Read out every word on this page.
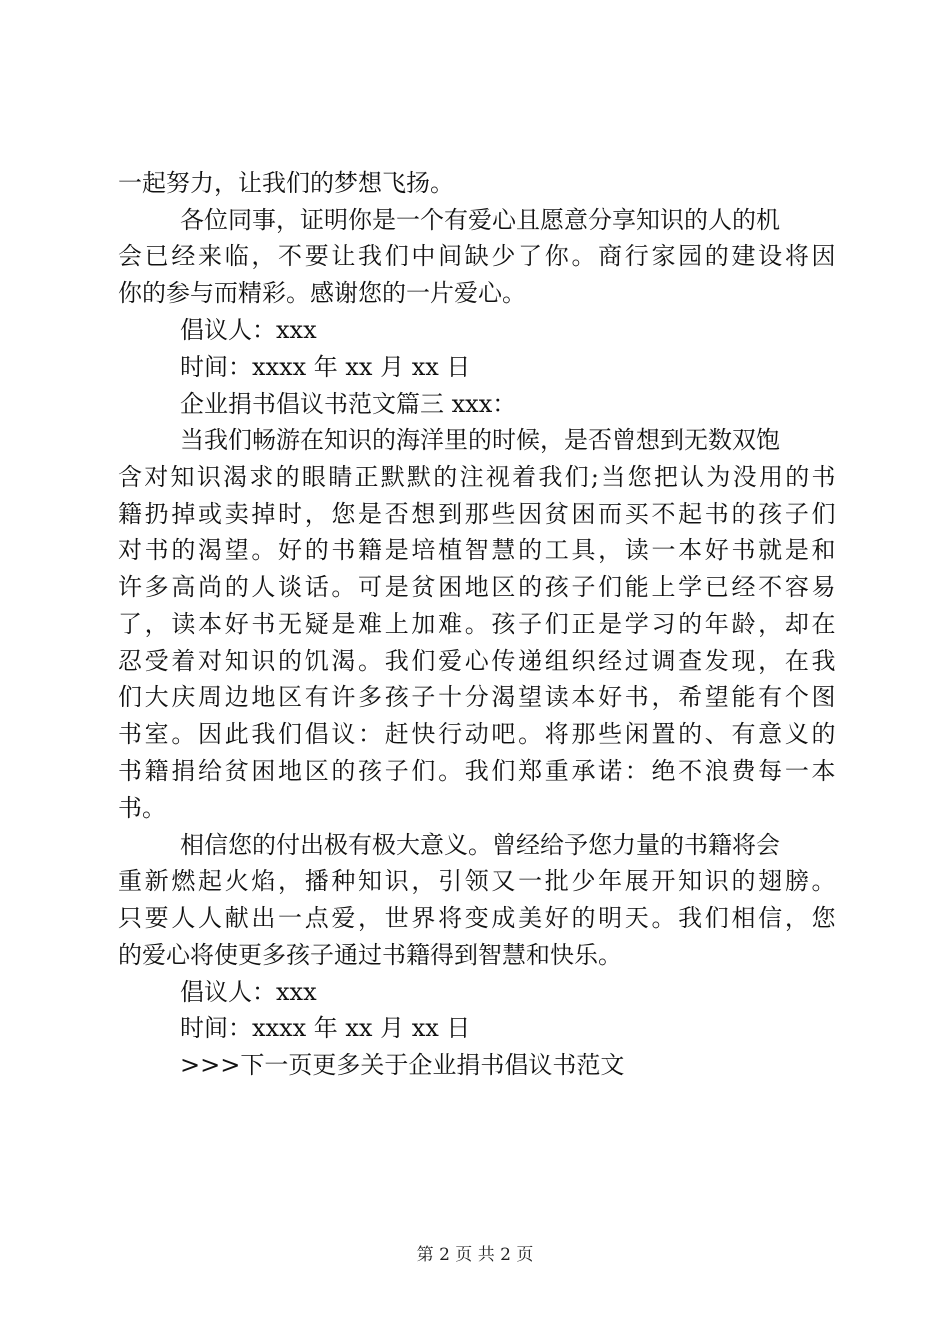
一起努力，让我们的梦想飞扬。
各位同事，证明你是一个有爱心且愿意分享知识的人的机
会已经来临，不要让我们中间缺少了你。商行家园的建设将因
你的参与而精彩。感谢您的一片爱心。
倡议人：xxx
时间：xxxx 年 xx 月 xx 日
企业捐书倡议书范文篇三 xxx：
当我们畅游在知识的海洋里的时候，是否曾想到无数双饱
含对知识渴求的眼睛正默默的注视着我们;当您把认为没用的书
籍扔掉或卖掉时，您是否想到那些因贫困而买不起书的孩子们
对书的渴望。好的书籍是培植智慧的工具，读一本好书就是和
许多高尚的人谈话。可是贫困地区的孩子们能上学已经不容易
了，读本好书无疑是难上加难。孩子们正是学习的年龄，却在
忍受着对知识的饥渴。我们爱心传递组织经过调查发现，在我
们大庆周边地区有许多孩子十分渴望读本好书，希望能有个图
书室。因此我们倡议：赶快行动吧。将那些闲置的、有意义的
书籍捐给贫困地区的孩子们。我们郑重承诺：绝不浪费每一本
书。
相信您的付出极有极大意义。曾经给予您力量的书籍将会
重新燃起火焰，播种知识，引领又一批少年展开知识的翅膀。
只要人人献出一点爱，世界将变成美好的明天。我们相信，您
的爱心将使更多孩子通过书籍得到智慧和快乐。
倡议人：xxx
时间：xxxx 年 xx 月 xx 日
>>>下一页更多关于企业捐书倡议书范文
第 2 页 共 2 页
